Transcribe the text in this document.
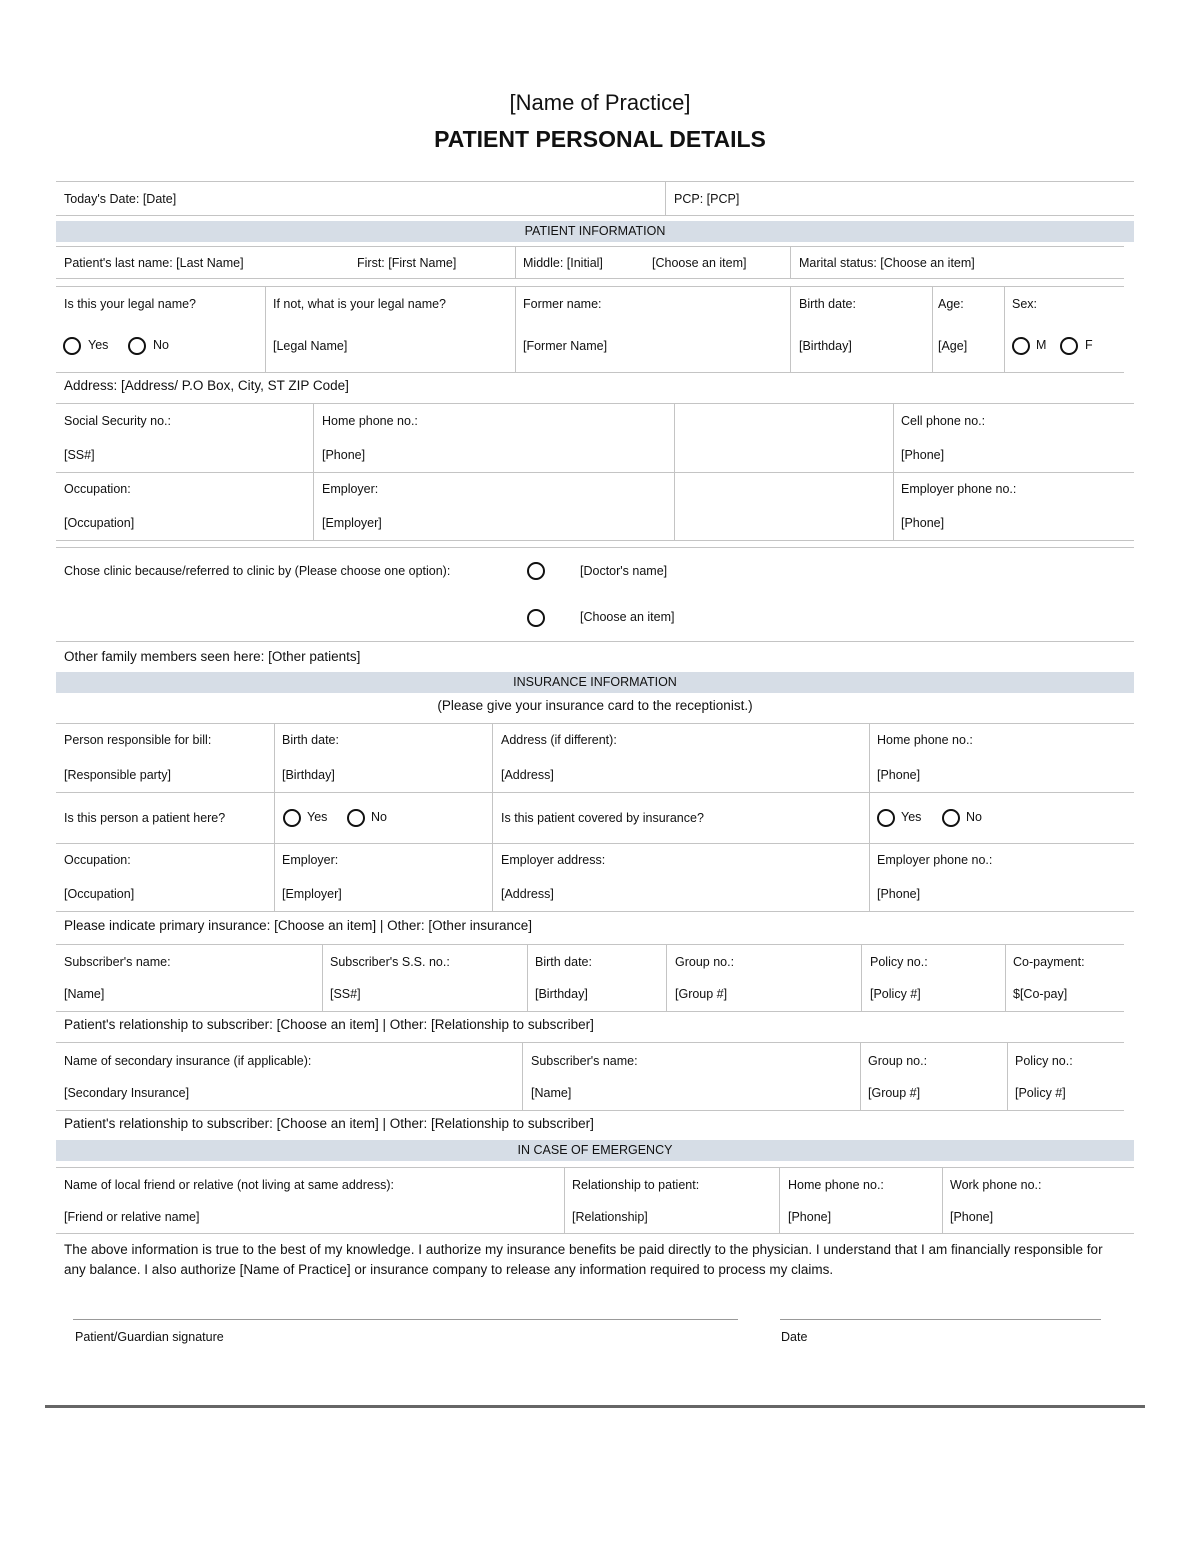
[Name of Practice]
PATIENT PERSONAL DETAILS
Today's Date: [Date]	PCP: [PCP]
PATIENT INFORMATION
Patient's last name: [Last Name]	First: [First Name]	Middle: [Initial]	[Choose an item]	Marital status: [Choose an item]
Is this your legal name?
Yes	No
If not, what is your legal name?
[Legal Name]
Former name:
[Former Name]
Birth date:
[Birthday]
Age:
[Age]
Sex:
M	F
Address: [Address/ P.O Box, City, ST ZIP Code]
Social Security no.:
[SS#]
Home phone no.:
[Phone]
Cell phone no.:
[Phone]
Occupation:
[Occupation]
Employer:
[Employer]
Employer phone no.:
[Phone]
Chose clinic because/referred to clinic by (Please choose one option):	[Doctor's name]
[Choose an item]
Other family members seen here: [Other patients]
INSURANCE INFORMATION
(Please give your insurance card to the receptionist.)
Person responsible for bill:
[Responsible party]
Birth date:
[Birthday]
Address (if different):
[Address]
Home phone no.:
[Phone]
Is this person a patient here?	Yes	No	Is this patient covered by insurance?	Yes	No
Occupation:
[Occupation]
Employer:
[Employer]
Employer address:
[Address]
Employer phone no.:
[Phone]
Please indicate primary insurance: [Choose an item] | Other: [Other insurance]
Subscriber's name:
[Name]
Subscriber's S.S. no.:
[SS#]
Birth date:
[Birthday]
Group no.:
[Group #]
Policy no.:
[Policy #]
Co-payment:
$[Co-pay]
Patient's relationship to subscriber: [Choose an item] | Other: [Relationship to subscriber]
Name of secondary insurance (if applicable):
[Secondary Insurance]
Subscriber's name:
[Name]
Group no.:
[Group #]
Policy no.:
[Policy #]
Patient's relationship to subscriber: [Choose an item] | Other: [Relationship to subscriber]
IN CASE OF EMERGENCY
Name of local friend or relative (not living at same address):
[Friend or relative name]
Relationship to patient:
[Relationship]
Home phone no.:
[Phone]
Work phone no.:
[Phone]
The above information is true to the best of my knowledge. I authorize my insurance benefits be paid directly to the physician. I understand that I am financially responsible for any balance. I also authorize [Name of Practice] or insurance company to release any information required to process my claims.
Patient/Guardian signature	Date
